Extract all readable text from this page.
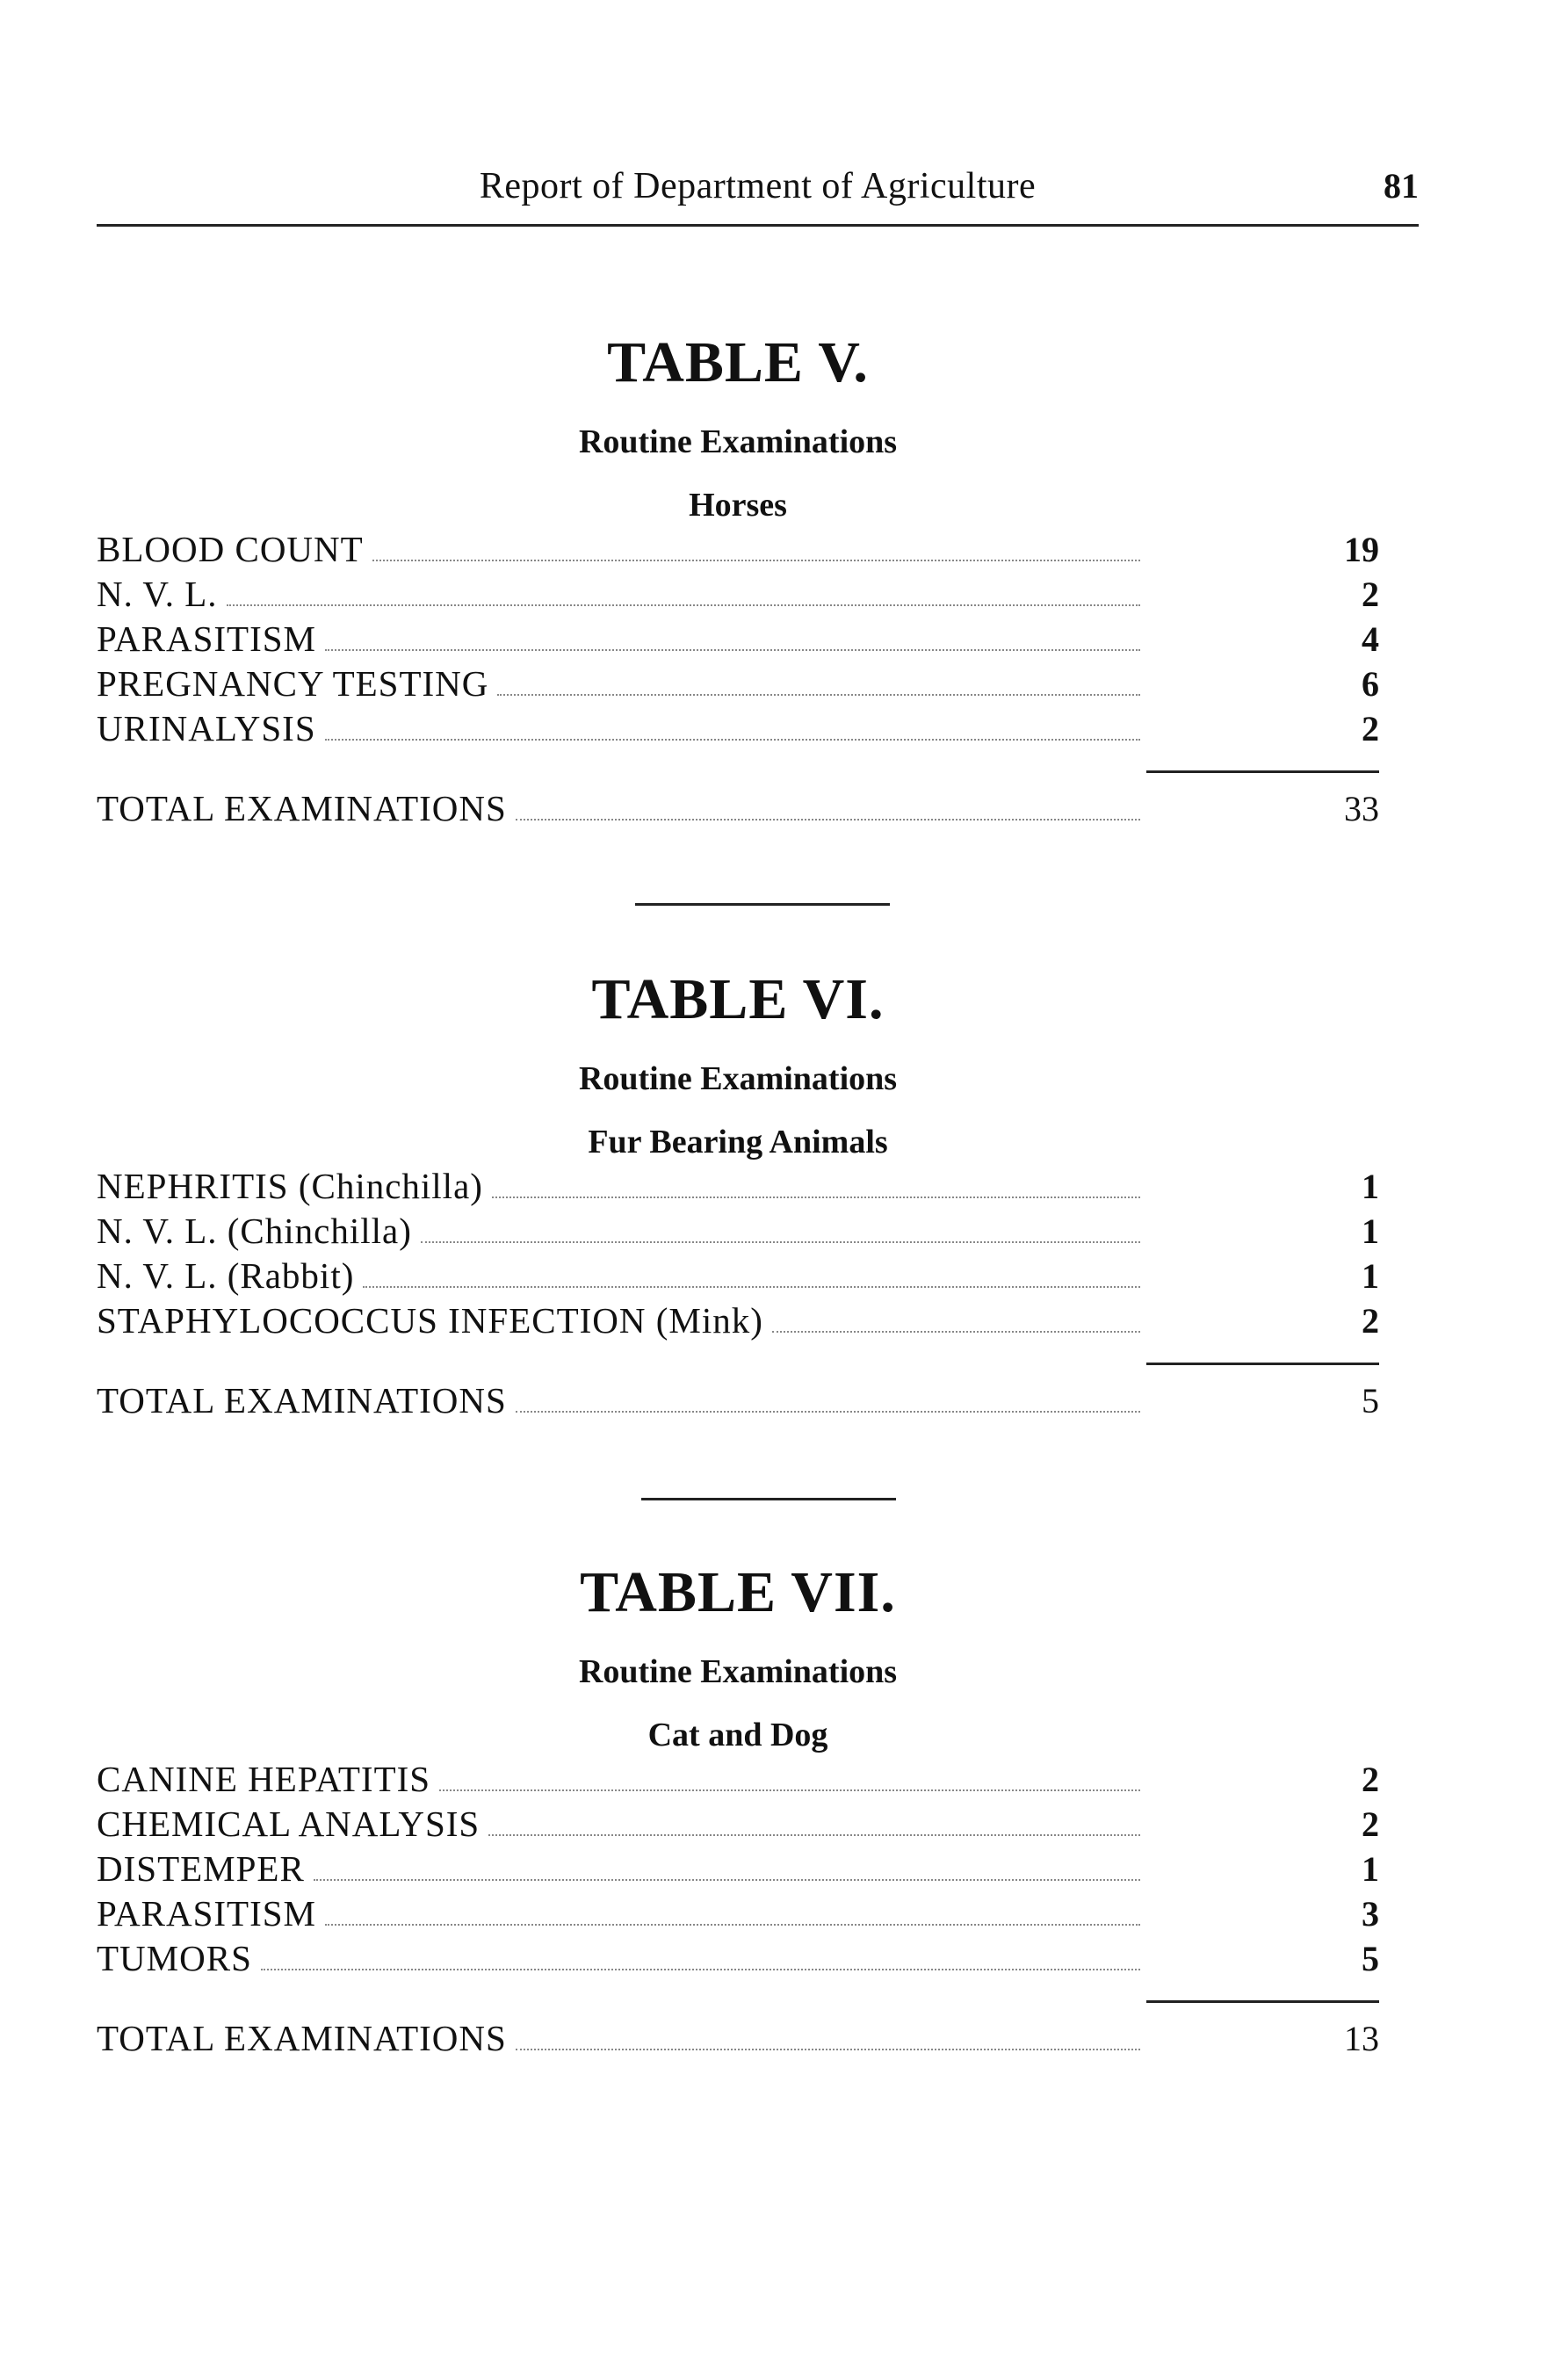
Report of Department of Agriculture	81
TABLE V.
Routine Examinations
Horses
BLOOD COUNT	19
N. V. L.	2
PARASITISM	4
PREGNANCY TESTING	6
URINALYSIS	2
TOTAL EXAMINATIONS	33
TABLE VI.
Routine Examinations
Fur Bearing Animals
NEPHRITIS (Chinchilla)	1
N. V. L. (Chinchilla)	1
N. V. L. (Rabbit)	1
STAPHYLOCOCCUS INFECTION (Mink)	2
TOTAL EXAMINATIONS	5
TABLE VII.
Routine Examinations
Cat and Dog
CANINE HEPATITIS	2
CHEMICAL ANALYSIS	2
DISTEMPER	1
PARASITISM	3
TUMORS	5
TOTAL EXAMINATIONS	13
